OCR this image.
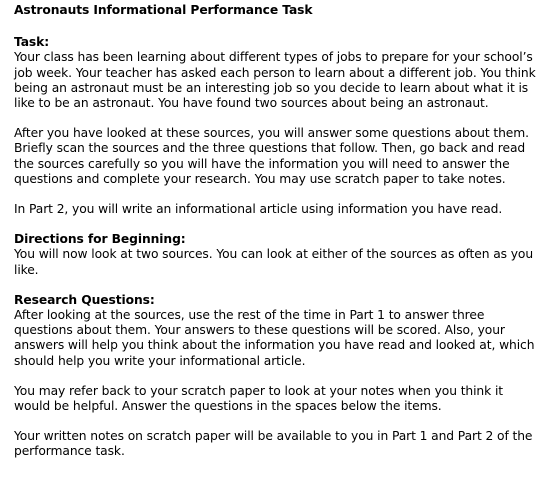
Astronauts Informational Performance Task
Task:

Your class has been learning about different types of jobs to prepare for your school’s job week. Your teacher has asked each person to learn about a different job. You think being an astronaut must be an interesting job so you decide to learn about what it is like to be an astronaut. You have found two sources about being an astronaut.

After you have looked at these sources, you will answer some questions about them. Briefly scan the sources and the three questions that follow. Then, go back and read the sources carefully so you will have the information you will need to answer the questions and complete your research. You may use scratch paper to take notes.

In Part 2, you will write an informational article using information you have read.

Directions for Beginning:

You will now look at two sources. You can look at either of the sources as often as you like.

Research Questions:

After looking at the sources, use the rest of the time in Part 1 to answer three questions about them. Your answers to these questions will be scored. Also, your answers will help you think about the information you have read and looked at, which should help you write your informational article.

You may refer back to your scratch paper to look at your notes when you think it would be helpful. Answer the questions in the spaces below the items.

Your written notes on scratch paper will be available to you in Part 1 and Part 2 of the performance task.
